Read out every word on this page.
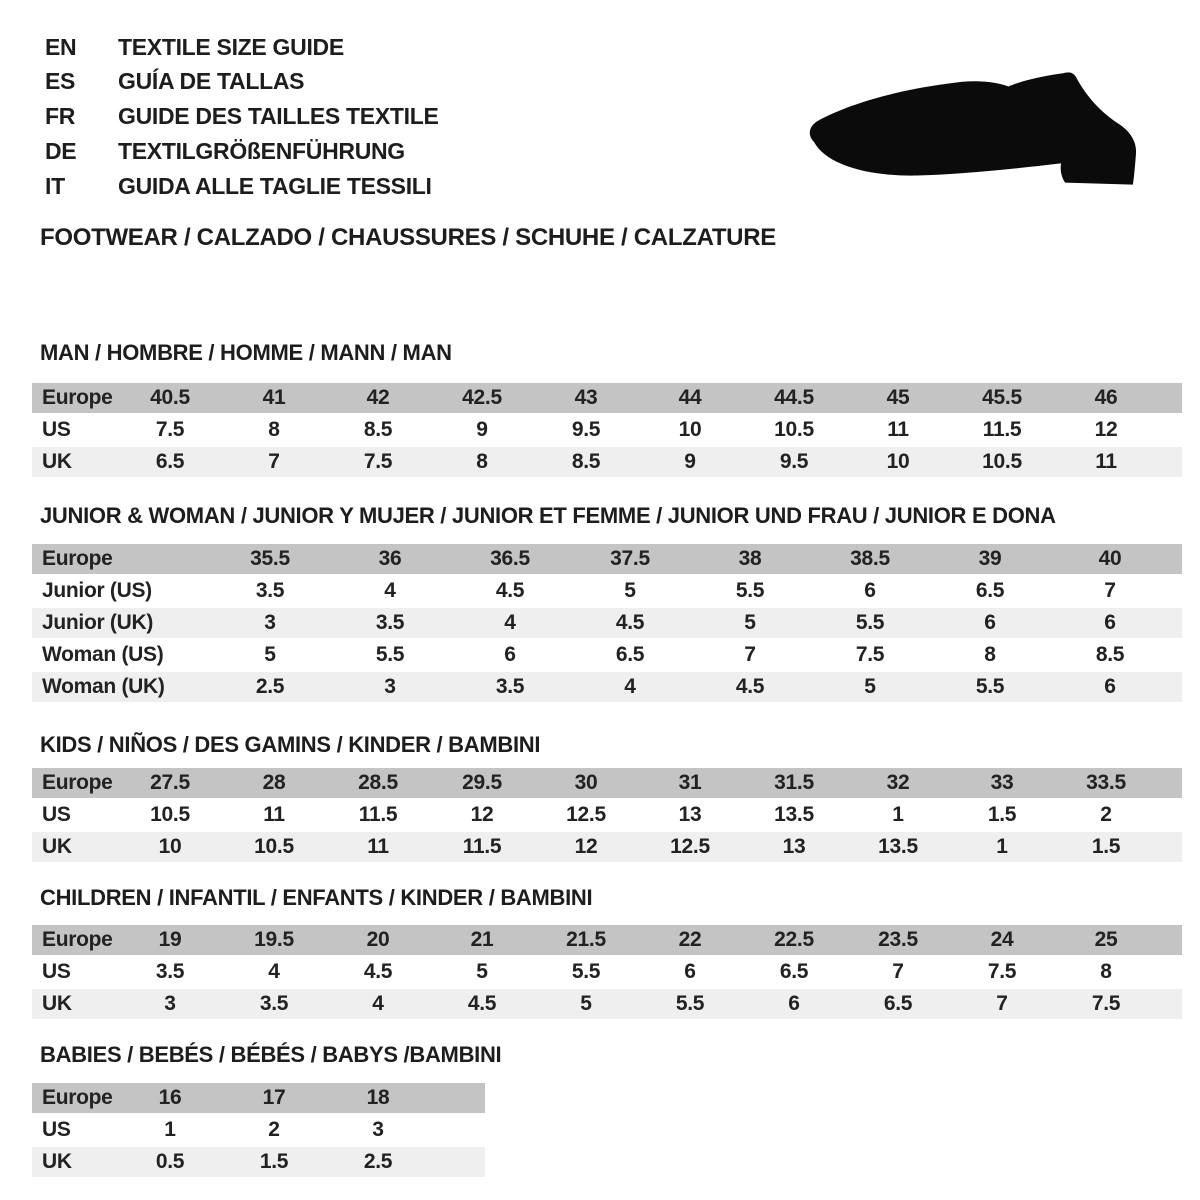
EN TEXTILE SIZE GUIDE
ES GUÍA DE TALLAS
FR GUIDE DES TAILLES TEXTILE
DE TEXTILGRÖßENFÜHRUNG
IT GUIDA ALLE TAGLIE TESSILI
FOOTWEAR / CALZADO / CHAUSSURES / SCHUHE / CALZATURE
MAN / HOMBRE / HOMME / MANN / MAN
JUNIOR & WOMAN / JUNIOR Y MUJER / JUNIOR ET FEMME / JUNIOR UND FRAU / JUNIOR E DONA
KIDS / NIÑOS / DES GAMINS / KINDER / BAMBINI
CHILDREN / INFANTIL / ENFANTS / KINDER / BAMBINI
BABIES / BEBÉS / BÉBÉS / BABYS /BAMBINI
Europe	40.5	41	42	42.5	43	44	44.5	45	45.5	46	
US	7.5	8	8.5	9	9.5	10	10.5	11	11.5	12	
UK	6.5	7	7.5	8	8.5	9	9.5	10	10.5	11	
Europe	35.5	36	36.5	37.5	38	38.5	39	40	
Junior (US)	3.5	4	4.5	5	5.5	6	6.5	7	
Junior (UK)	3	3.5	4	4.5	5	5.5	6	6	
Woman (US)	5	5.5	6	6.5	7	7.5	8	8.5	
Woman (UK)	2.5	3	3.5	4	4.5	5	5.5	6	
Europe	27.5	28	28.5	29.5	30	31	31.5	32	33	33.5	
US	10.5	11	11.5	12	12.5	13	13.5	1	1.5	2	
UK	10	10.5	11	11.5	12	12.5	13	13.5	1	1.5	
Europe	19	19.5	20	21	21.5	22	22.5	23.5	24	25	
US	3.5	4	4.5	5	5.5	6	6.5	7	7.5	8	
UK	3	3.5	4	4.5	5	5.5	6	6.5	7	7.5	
Europe	16	17	18	
US	1	2	3	
UK	0.5	1.5	2.5	
